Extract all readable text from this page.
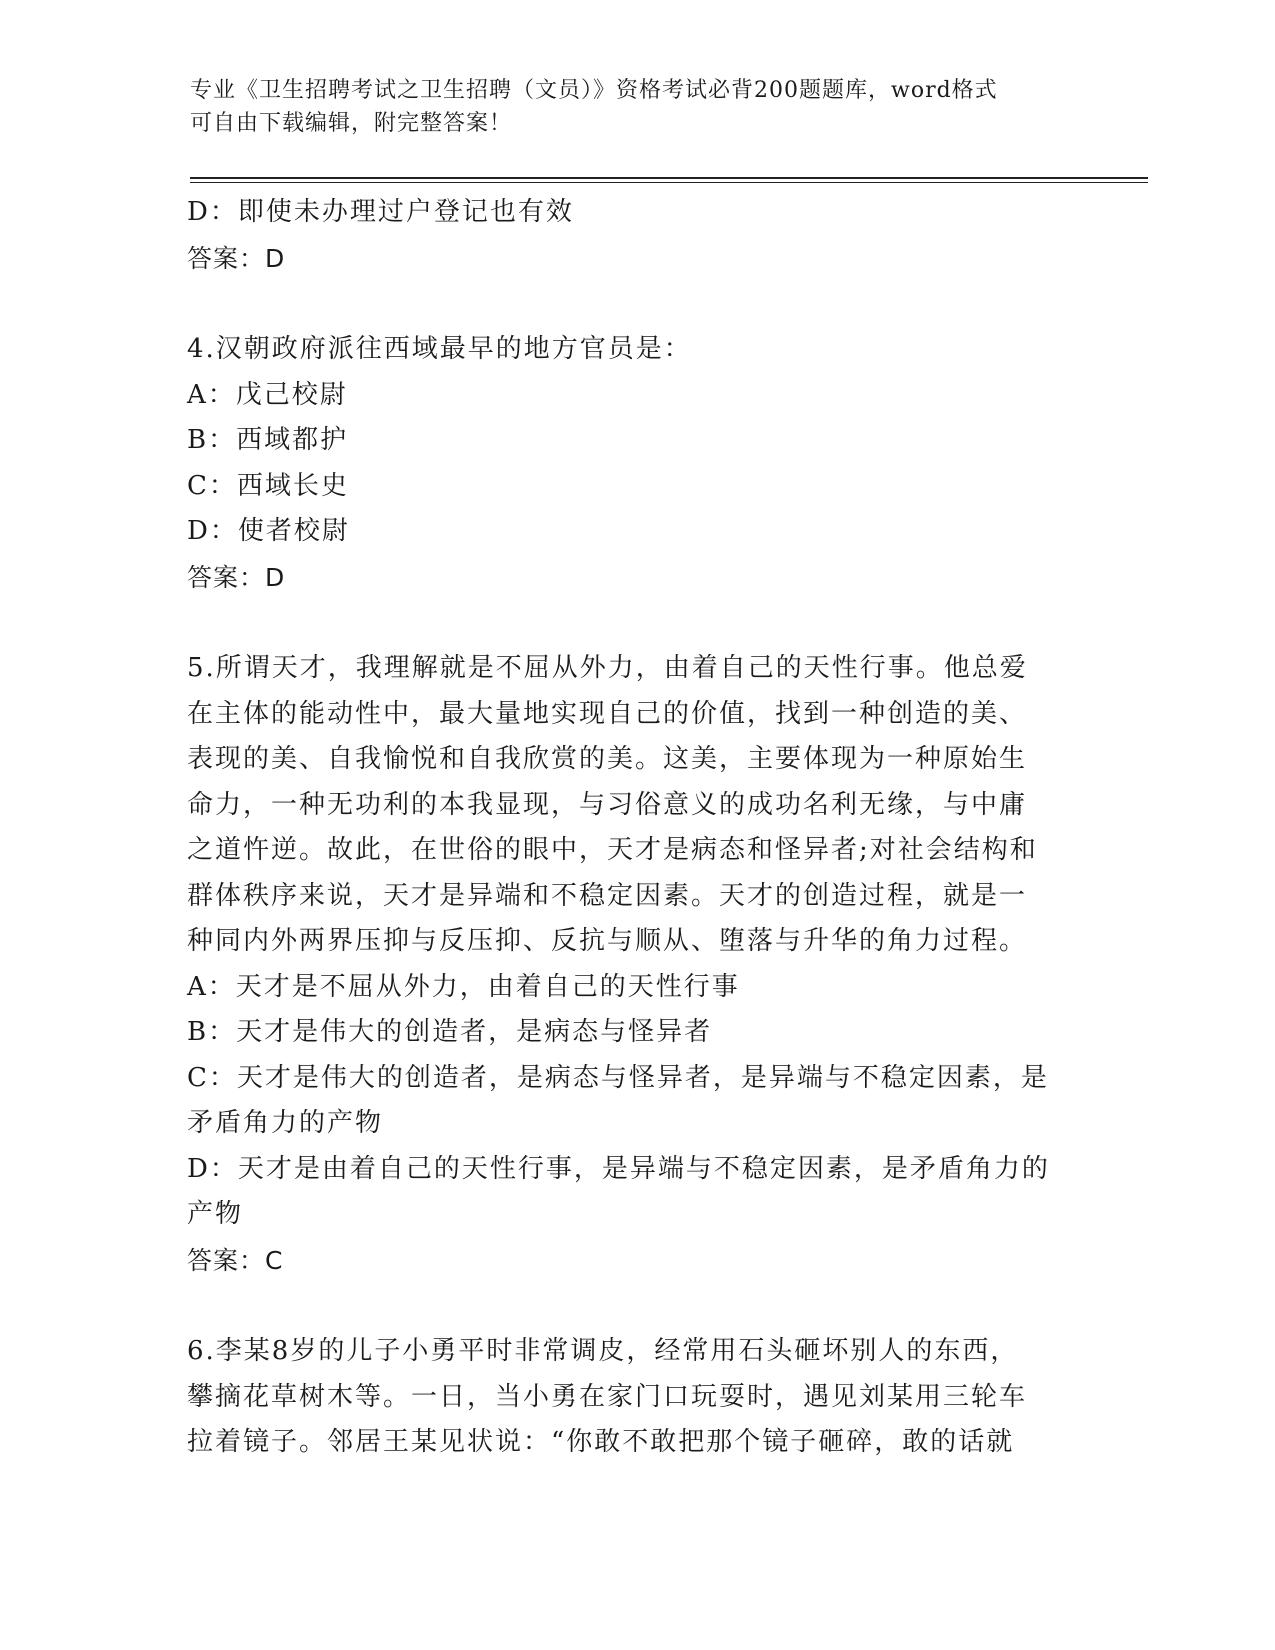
专业《卫生招聘考试之卫生招聘（文员）》资格考试必背200题题库，word格式
可自由下载编辑，附完整答案！
D：即使未办理过户登记也有效
答案：D
4.汉朝政府派往西域最早的地方官员是：
A：戊己校尉
B：西域都护
C：西域长史
D：使者校尉
答案：D
5.所谓天才，我理解就是不屈从外力，由着自己的天性行事。他总爱
在主体的能动性中，最大量地实现自己的价值，找到一种创造的美、
表现的美、自我愉悦和自我欣赏的美。这美，主要体现为一种原始生
命力，一种无功利的本我显现，与习俗意义的成功名利无缘，与中庸
之道忤逆。故此，在世俗的眼中，天才是病态和怪异者;对社会结构和
群体秩序来说，天才是异端和不稳定因素。天才的创造过程，就是一
种同内外两界压抑与反压抑、反抗与顺从、堕落与升华的角力过程。
A：天才是不屈从外力，由着自己的天性行事
B：天才是伟大的创造者，是病态与怪异者
C：天才是伟大的创造者，是病态与怪异者，是异端与不稳定因素，是
矛盾角力的产物
D：天才是由着自己的天性行事，是异端与不稳定因素，是矛盾角力的
产物
答案：C
6.李某8岁的儿子小勇平时非常调皮，经常用石头砸坏别人的东西，
攀摘花草树木等。一日，当小勇在家门口玩耍时，遇见刘某用三轮车
拉着镜子。邻居王某见状说：“你敢不敢把那个镜子砸碎，敢的话就
